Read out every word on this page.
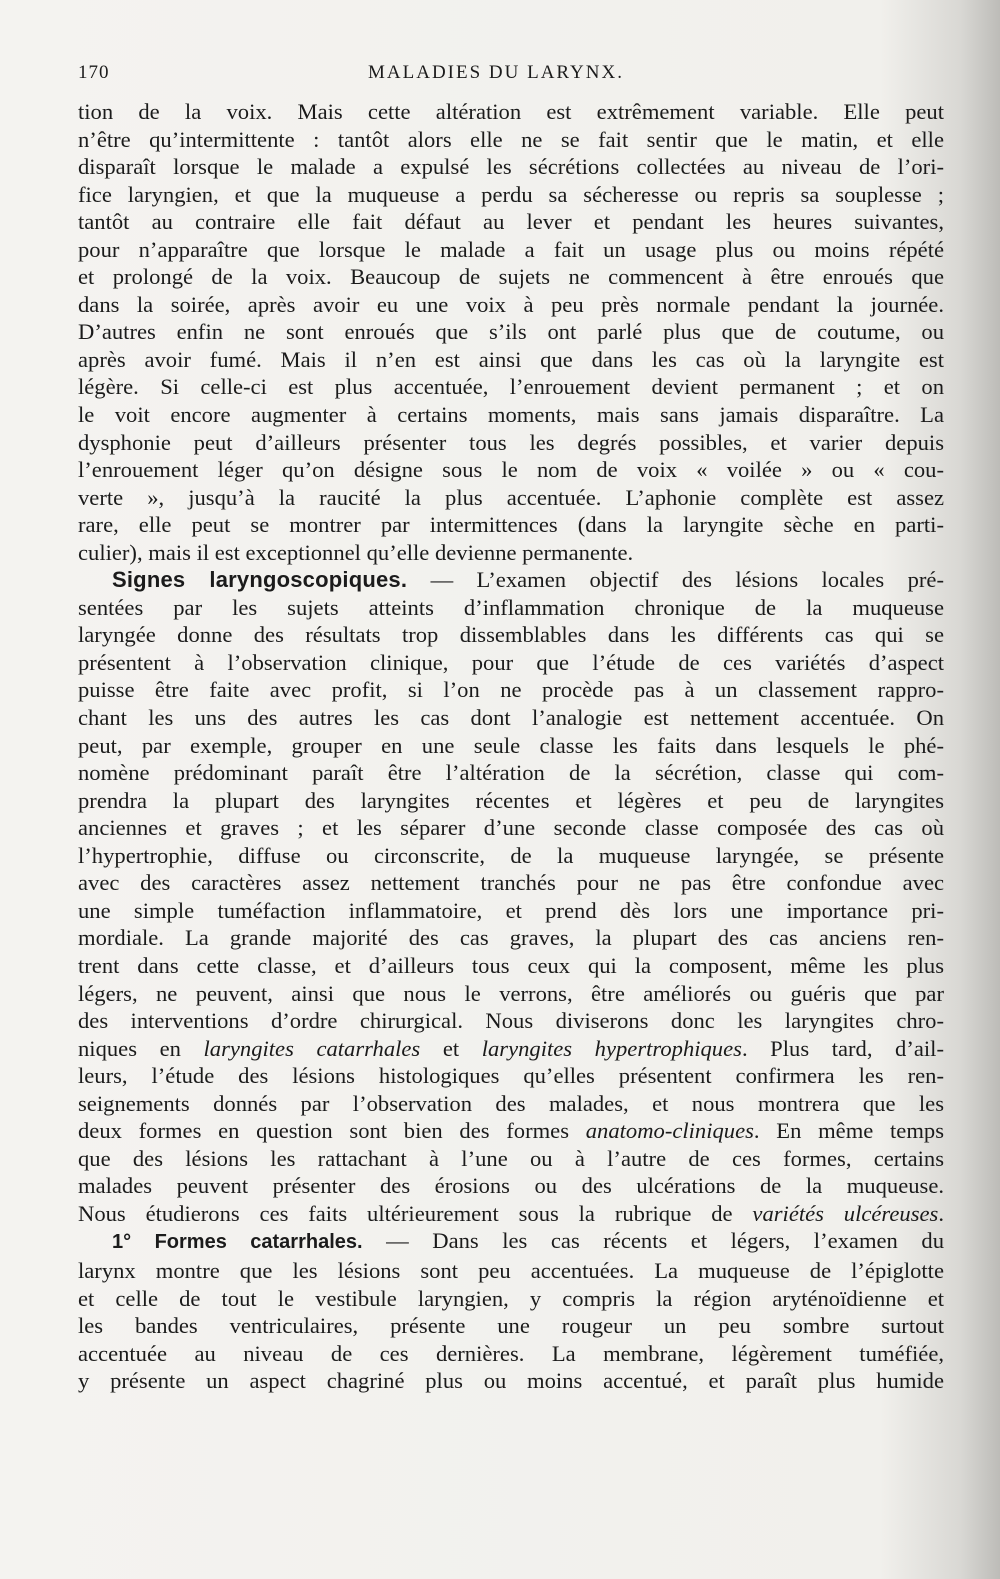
170	MALADIES DU LARYNX.

tion de la voix. Mais cette altération est extrêmement variable. Elle peut
n’être qu’intermittente : tantôt alors elle ne se fait sentir que le matin, et elle
disparaît lorsque le malade a expulsé les sécrétions collectées au niveau de l’ori-
fice laryngien, et que la muqueuse a perdu sa sécheresse ou repris sa souplesse ;
tantôt au contraire elle fait défaut au lever et pendant les heures suivantes,
pour n’apparaître que lorsque le malade a fait un usage plus ou moins répété
et prolongé de la voix. Beaucoup de sujets ne commencent à être enroués que
dans la soirée, après avoir eu une voix à peu près normale pendant la journée.
D’autres enfin ne sont enroués que s’ils ont parlé plus que de coutume, ou
après avoir fumé. Mais il n’en est ainsi que dans les cas où la laryngite est
légère. Si celle-ci est plus accentuée, l’enrouement devient permanent ; et on
le voit encore augmenter à certains moments, mais sans jamais disparaître. La
dysphonie peut d’ailleurs présenter tous les degrés possibles, et varier depuis
l’enrouement léger qu’on désigne sous le nom de voix « voilée » ou « cou-
verte », jusqu’à la raucité la plus accentuée. L’aphonie complète est assez
rare, elle peut se montrer par intermittences (dans la laryngite sèche en parti-
culier), mais il est exceptionnel qu’elle devienne permanente.

Signes laryngoscopiques. — L’examen objectif des lésions locales pré-
sentées par les sujets atteints d’inflammation chronique de la muqueuse
laryngée donne des résultats trop dissemblables dans les différents cas qui se
présentent à l’observation clinique, pour que l’étude de ces variétés d’aspect
puisse être faite avec profit, si l’on ne procède pas à un classement rappro-
chant les uns des autres les cas dont l’analogie est nettement accentuée. On
peut, par exemple, grouper en une seule classe les faits dans lesquels le phé-
nomène prédominant paraît être l’altération de la sécrétion, classe qui com-
prendra la plupart des laryngites récentes et légères et peu de laryngites
anciennes et graves ; et les séparer d’une seconde classe composée des cas où
l’hypertrophie, diffuse ou circonscrite, de la muqueuse laryngée, se présente
avec des caractères assez nettement tranchés pour ne pas être confondue avec
une simple tuméfaction inflammatoire, et prend dès lors une importance pri-
mordiale. La grande majorité des cas graves, la plupart des cas anciens ren-
trent dans cette classe, et d’ailleurs tous ceux qui la composent, même les plus
légers, ne peuvent, ainsi que nous le verrons, être améliorés ou guéris que par
des interventions d’ordre chirurgical. Nous diviserons donc les laryngites chro-
niques en laryngites catarrhales et laryngites hypertrophiques. Plus tard, d’ail-
leurs, l’étude des lésions histologiques qu’elles présentent confirmera les ren-
seignements donnés par l’observation des malades, et nous montrera que les
deux formes en question sont bien des formes anatomo-cliniques. En même temps
que des lésions les rattachant à l’une ou à l’autre de ces formes, certains
malades peuvent présenter des érosions ou des ulcérations de la muqueuse.
Nous étudierons ces faits ultérieurement sous la rubrique de variétés ulcéreuses.

1° Formes catarrhales. — Dans les cas récents et légers, l’examen du
larynx montre que les lésions sont peu accentuées. La muqueuse de l’épiglotte
et celle de tout le vestibule laryngien, y compris la région aryténoïdienne et
les bandes ventriculaires, présente une rougeur un peu sombre surtout
accentuée au niveau de ces dernières. La membrane, légèrement tuméfiée,
y présente un aspect chagriné plus ou moins accentué, et paraît plus humide
